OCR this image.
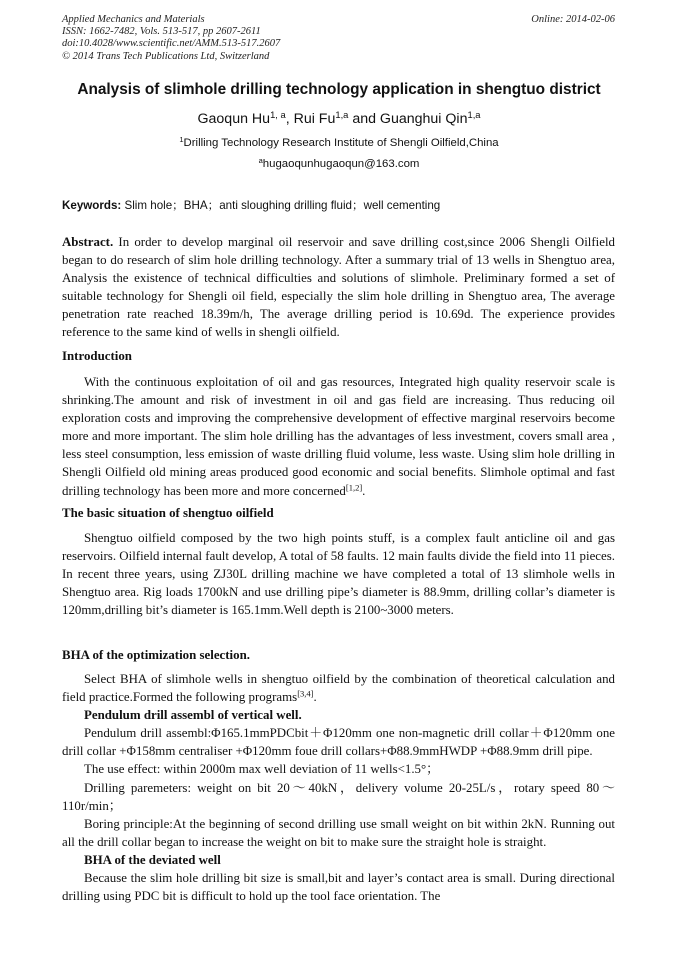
Applied Mechanics and Materials
ISSN: 1662-7482, Vols. 513-517, pp 2607-2611
doi:10.4028/www.scientific.net/AMM.513-517.2607
© 2014 Trans Tech Publications Ltd, Switzerland
Online: 2014-02-06
Analysis of slimhole drilling technology application in shengtuo district
Gaoqun Hu$^{1, a}$, Rui Fu$^{1,a}$ and Guanghui Qin$^{1,a}$
$^1$Drilling Technology Research Institute of Shengli Oilfield,China
$^a$hugaoqunhugaoqun@163.com
Keywords: Slim hole；BHA；anti sloughing drilling fluid；well cementing

Abstract. In order to develop marginal oil reservoir and save drilling cost,since 2006 Shengli Oilfield began to do research of slim hole drilling technology. After a summary trial of 13 wells in Shengtuo area, Analysis the existence of technical difficulties and solutions of slimhole. Preliminary formed a set of suitable technology for Shengli oil field, especially the slim hole drilling in Shengtuo area, The average penetration rate reached 18.39m/h, The average drilling period is 10.69d. The experience provides reference to the same kind of wells in shengli oilfield.

Introduction

With the continuous exploitation of oil and gas resources, Integrated high quality reservoir scale is shrinking.The amount and risk of investment in oil and gas field are increasing. Thus reducing oil exploration costs and improving the comprehensive development of effective marginal reservoirs become more and more important. The slim hole drilling has the advantages of less investment, covers small area , less steel consumption, less emission of waste drilling fluid volume, less waste. Using slim hole drilling in Shengli Oilfield old mining areas produced good economic and social benefits. Slimhole optimal and fast drilling technology has been more and more concerned[1,2].

The basic situation of shengtuo oilfield

Shengtuo oilfield composed by the two high points stuff, is a complex fault anticline oil and gas reservoirs. Oilfield internal fault develop, A total of 58 faults. 12 main faults divide the field into 11 pieces. In recent three years, using ZJ30L drilling machine we have completed a total of 13 slimhole wells in Shengtuo area. Rig loads 1700kN and use drilling pipe’s diameter is 88.9mm, drilling collar’s diameter is 120mm,drilling bit’s diameter is 165.1mm.Well depth is 2100~3000 meters.

BHA of the optimization selection.

Select BHA of slimhole wells in shengtuo oilfield by the combination of theoretical calculation and field practice.Formed the following programs[3,4].

Pendulum drill assembl of vertical well.

Pendulum drill assembl:Φ165.1mmPDCbit＋Φ120mm one non-magnetic drill collar＋Φ120mm one drill collar +Φ158mm centraliser +Φ120mm foue drill collars+Φ88.9mmHWDP +Φ88.9mm drill pipe.

The use effect: within 2000m max well deviation of 11 wells<1.5°；

Drilling paremeters: weight on bit 20～40kN，delivery volume 20-25L/s，rotary speed 80～110r/min；

Boring principle:At the beginning of second drilling use small weight on bit within 2kN. Running out all the drill collar began to increase the weight on bit to make sure the straight hole is straight.

BHA of the deviated well

Because the slim hole drilling bit size is small,bit and layer’s contact area is small. During directional drilling using PDC bit is difficult to hold up the tool face orientation. The
